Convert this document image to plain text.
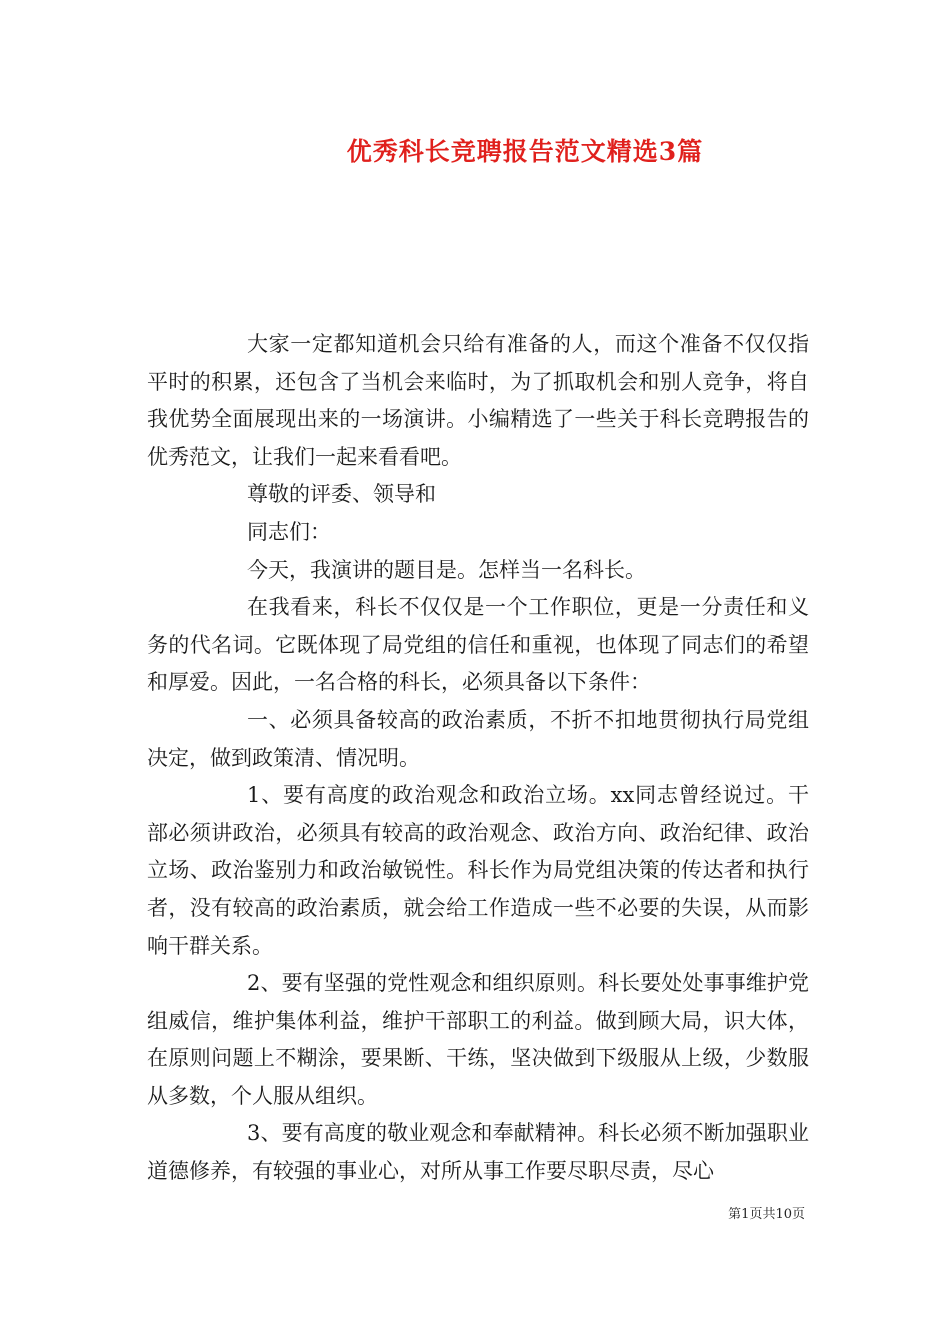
优秀科长竞聘报告范文精选3篇

大家一定都知道机会只给有准备的人，而这个准备不仅仅指平时的积累，还包含了当机会来临时，为了抓取机会和别人竞争，将自我优势全面展现出来的一场演讲。小编精选了一些关于科长竞聘报告的优秀范文，让我们一起来看看吧。

尊敬的评委、领导和

同志们：

今天，我演讲的题目是。怎样当一名科长。

在我看来，科长不仅仅是一个工作职位，更是一分责任和义务的代名词。它既体现了局党组的信任和重视，也体现了同志们的希望和厚爱。因此，一名合格的科长，必须具备以下条件：

一、必须具备较高的政治素质，不折不扣地贯彻执行局党组决定，做到政策清、情况明。

1、要有高度的政治观念和政治立场。xx同志曾经说过。干部必须讲政治，必须具有较高的政治观念、政治方向、政治纪律、政治立场、政治鉴别力和政治敏锐性。科长作为局党组决策的传达者和执行者，没有较高的政治素质，就会给工作造成一些不必要的失误，从而影响干群关系。

2、要有坚强的党性观念和组织原则。科长要处处事事维护党组威信，维护集体利益，维护干部职工的利益。做到顾大局，识大体，在原则问题上不糊涂，要果断、干练，坚决做到下级服从上级，少数服从多数，个人服从组织。

3、要有高度的敬业观念和奉献精神。科长必须不断加强职业道德修养，有较强的事业心，对所从事工作要尽职尽责，尽心

第1页共10页
